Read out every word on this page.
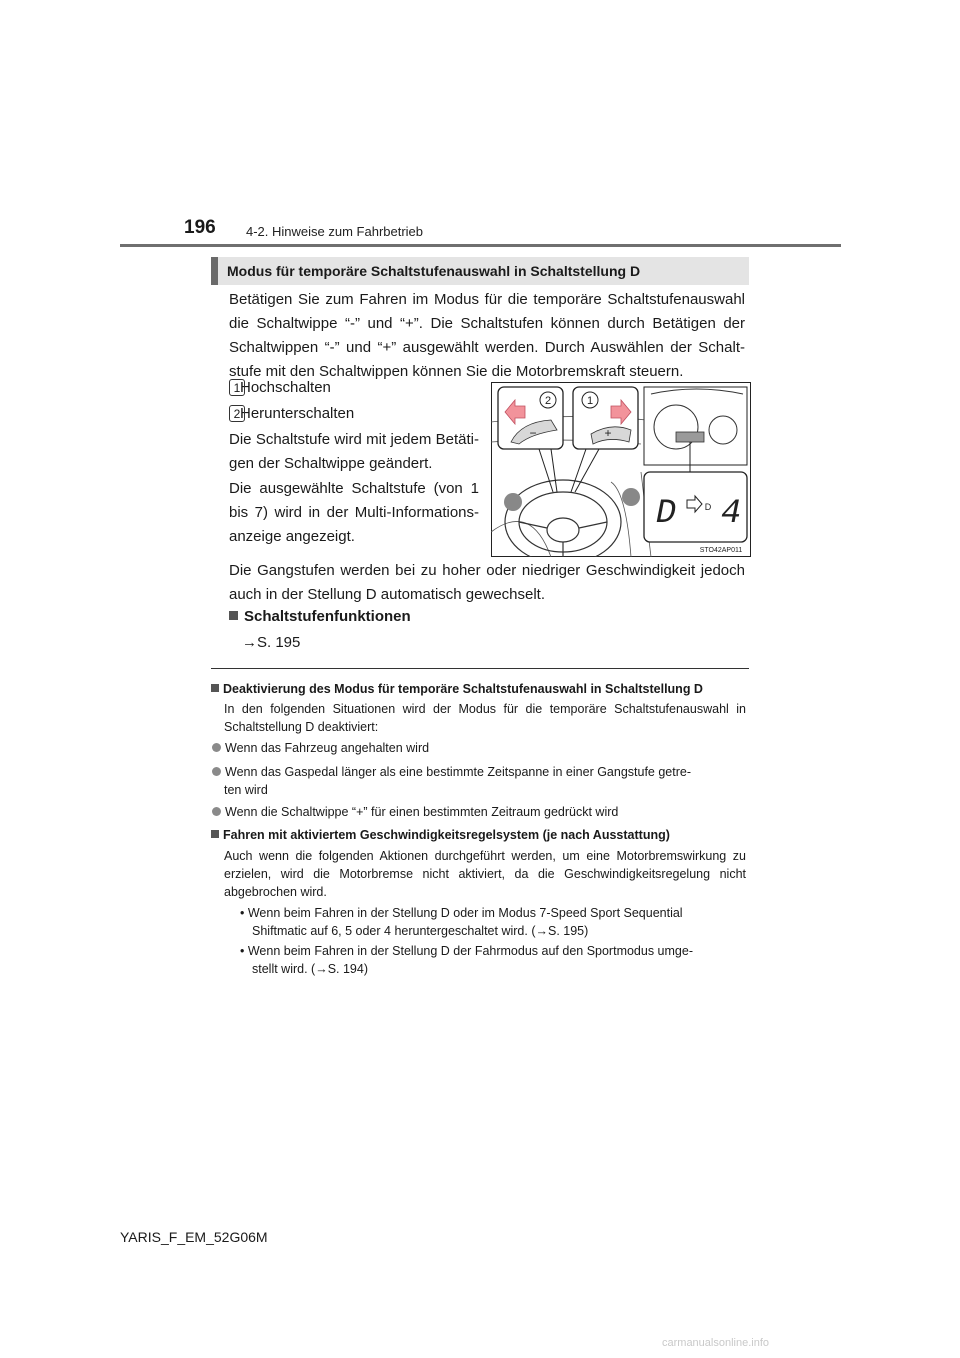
196 4-2. Hinweise zum Fahrbetrieb
Modus für temporäre Schaltstufenauswahl in Schaltstellung D
Betätigen Sie zum Fahren im Modus für die temporäre Schaltstufenauswahl die Schaltwippe “-” und “+”. Die Schaltstufen können durch Betätigen der Schaltwippen “-” und “+” ausgewählt werden. Durch Auswählen der Schalt-stufe mit den Schaltwippen können Sie die Motorbremskraft steuern.
1 Hochschalten
2 Herunterschalten
Die Schaltstufe wird mit jedem Betäti-gen der Schaltwippe geändert.
Die ausgewählte Schaltstufe (von 1 bis 7) wird in der Multi-Informations-anzeige angezeigt.
2	1
−	+
D	D 4
STO42AP011
Die Gangstufen werden bei zu hoher oder niedriger Geschwindigkeit jedoch auch in der Stellung D automatisch gewechselt.
Schaltstufenfunktionen
→S. 195
Deaktivierung des Modus für temporäre Schaltstufenauswahl in Schaltstellung D
In den folgenden Situationen wird der Modus für die temporäre Schaltstufenauswahl in Schaltstellung D deaktiviert:
Wenn das Fahrzeug angehalten wird
Wenn das Gaspedal länger als eine bestimmte Zeitspanne in einer Gangstufe getre-
ten wird
Wenn die Schaltwippe “+” für einen bestimmten Zeitraum gedrückt wird
Fahren mit aktiviertem Geschwindigkeitsregelsystem (je nach Ausstattung)
Auch wenn die folgenden Aktionen durchgeführt werden, um eine Motorbremswirkung zu erzielen, wird die Motorbremse nicht aktiviert, da die Geschwindigkeitsregelung nicht abgebrochen wird.
• Wenn beim Fahren in der Stellung D oder im Modus 7-Speed Sport Sequential
Shiftmatic auf 6, 5 oder 4 heruntergeschaltet wird. (→S. 195)
• Wenn beim Fahren in der Stellung D der Fahrmodus auf den Sportmodus umge-
stellt wird. (→S. 194)
YARIS_F_EM_52G06M
carmanualsonline.info
